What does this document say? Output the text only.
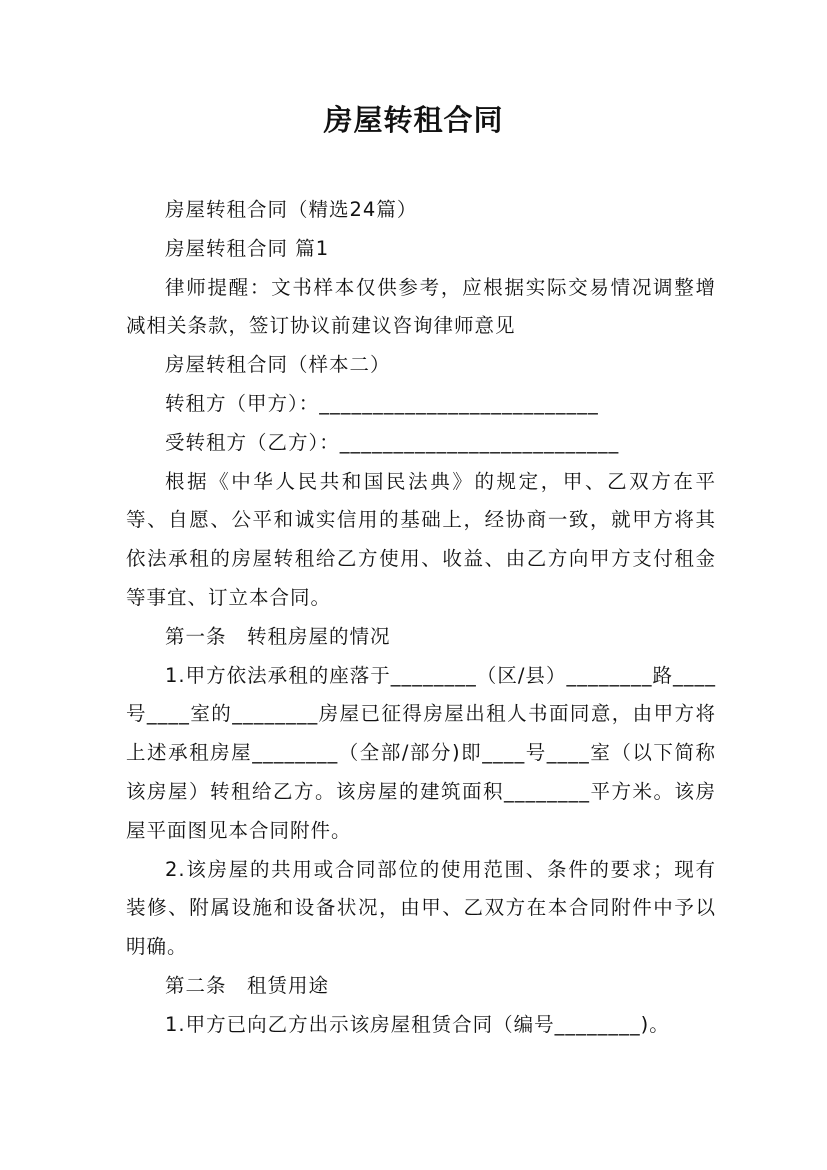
房屋转租合同

房屋转租合同（精选24篇）

房屋转租合同 篇1

律师提醒：文书样本仅供参考，应根据实际交易情况调整增减相关条款，签订协议前建议咨询律师意见

房屋转租合同（样本二）

转租方（甲方）：__________________________

受转租方（乙方）：__________________________

根据《中华人民共和国民法典》的规定，甲、乙双方在平等、自愿、公平和诚实信用的基础上，经协商一致，就甲方将其依法承租的房屋转租给乙方使用、收益、由乙方向甲方支付租金等事宜、订立本合同。

第一条　转租房屋的情况

1.甲方依法承租的座落于________（区/县）________路____号____室的________房屋已征得房屋出租人书面同意，由甲方将上述承租房屋________（全部/部分)即____号____室（以下简称该房屋）转租给乙方。该房屋的建筑面积________平方米。该房屋平面图见本合同附件。

2.该房屋的共用或合同部位的使用范围、条件的要求；现有装修、附属设施和设备状况，由甲、乙双方在本合同附件中予以明确。

第二条　租赁用途

1.甲方已向乙方出示该房屋租赁合同（编号________)。
